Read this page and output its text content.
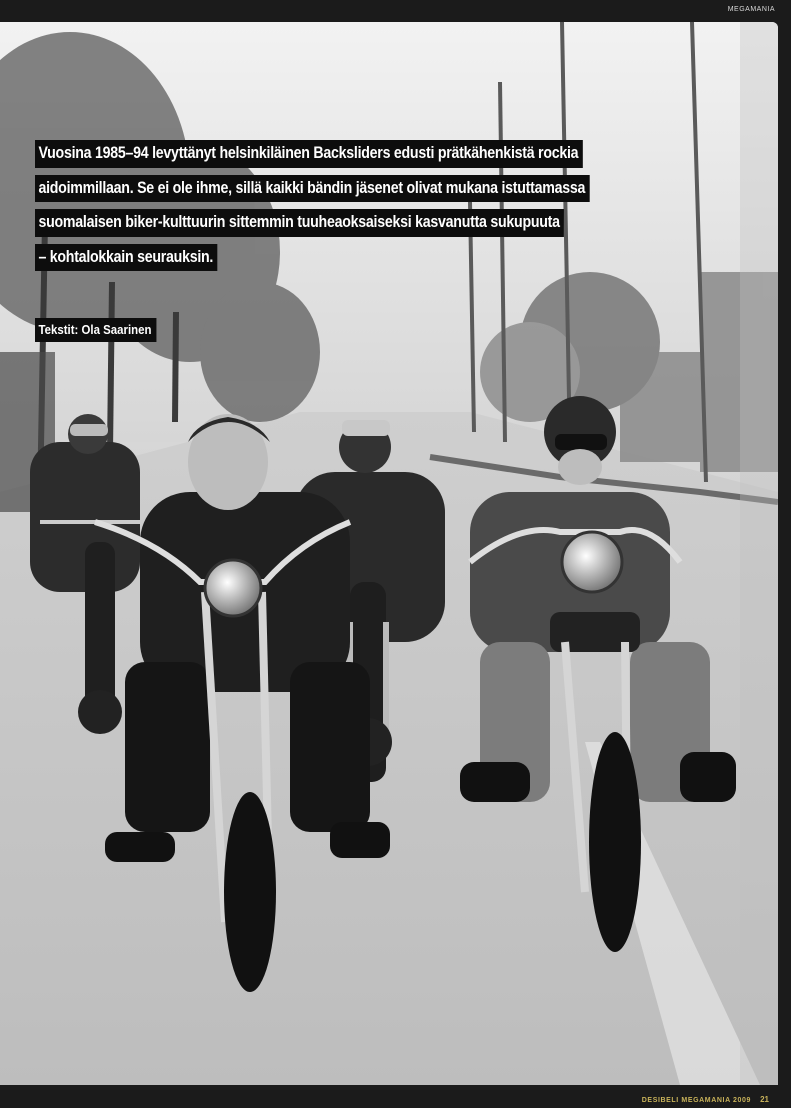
MEGAMANIA
Vuosina 1985–94 levyttänyt helsinkiläinen Backsliders edusti prätkähenkistä rockia
aidoimmillaan. Se ei ole ihme, sillä kaikki bändin jäsenet olivat mukana istuttamassa
suomalaisen biker-kulttuurin sittemmin tuuheaoksaiseksi kasvanutta sukupuuta
– kohtalokkain seurauksin.
Tekstit: Ola Saarinen
DESIBELI MEGAMANIA 2009 21
